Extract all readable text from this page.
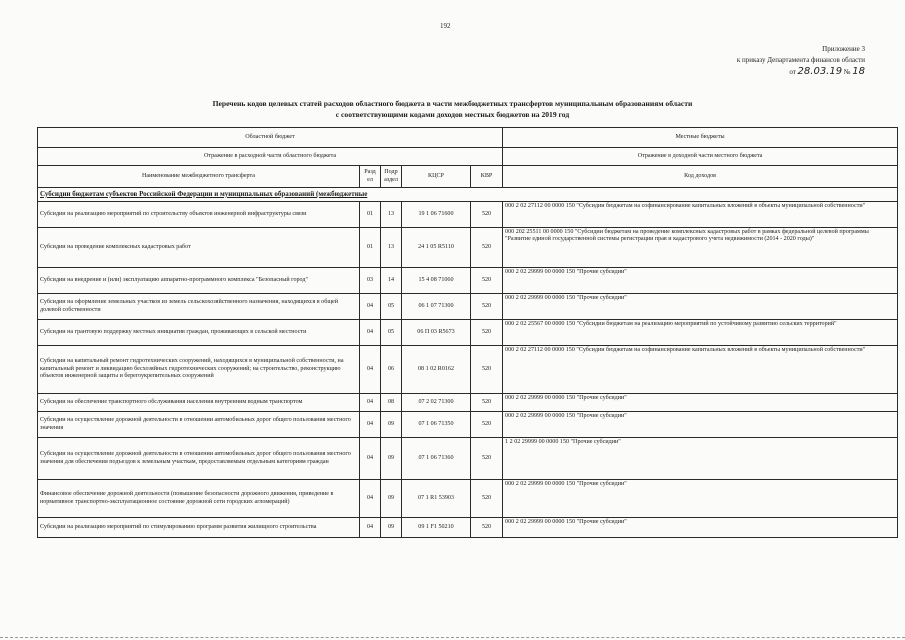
192
Приложение 3
к приказу Департамента финансов области
от 28.03.19 № 18
Перечень кодов целевых статей расходов областного бюджета в части межбюджетных трансфертов муниципальным образованиям области
с соответствующими кодами доходов местных бюджетов на 2019 год
Областной бюджет					Местные бюджеты
Отражение в расходной части областного бюджета					Отражение в доходной части местного бюджета
Наименование межбюджетного трансферта	Разд ел	Подр аздел	КЦСР	КВР	Код доходов
Субсидии бюджетам субъектов Российской Федерации и муниципальных образований (межбюджетные					
Субсидии на реализацию мероприятий по строительству объектов инженерной инфраструктуры связи	01	13	19 1 06 71600	520	000 2 02 27112 00 0000 150 "Субсидии бюджетам на софинансирование капитальных вложений в объекты муниципальной собственности"
Субсидии на проведение комплексных кадастровых работ	01	13	24 1 05 R5110	520	000 202 25511 00 0000 150 "Субсидии бюджетам на проведение комплексных кадастровых работ в рамках федеральной целевой программы "Развитие единой государственной системы регистрации прав и кадастрового учета недвижимости (2014 - 2020 годы)"
Субсидии на внедрение и (или) эксплуатацию аппаратно-программного комплекса "Безопасный город"	03	14	15 4 08 71060	520	000 2 02 29999 00 0000 150 "Прочие субсидии"
Субсидии на оформление земельных участков из земель сельскохозяйственного назначения, находящихся в общей долевой собственности	04	05	06 1 07 71300	520	000 2 02 29999 00 0000 150 "Прочие субсидии"
Субсидии на грантовую поддержку местных инициатив граждан, проживающих в сельской местности	04	05	06 П 03 R5673	520	000 2 02 25567 00 0000 150 "Субсидии бюджетам на реализацию мероприятий по устойчивому развитию сельских территорий"
Субсидии на капитальный ремонт гидротехнических сооружений, находящихся в муниципальной собственности, на капитальный ремонт и ликвидацию бесхозяйных гидротехнических сооружений; на строительство, реконструкцию объектов инженерной защиты и берегоукрепительных сооружений	04	06	08 1 02 R0162	520	000 2 02 27112 00 0000 150 "Субсидии бюджетам на софинансирование капитальных вложений в объекты муниципальной собственности"
Субсидии на обеспечение транспортного обслуживания населения внутренним водным транспортом	04	08	07 2 02 71300	520	000 2 02 29999 00 0000 150 "Прочие субсидии"
Субсидии на осуществление дорожной деятельности в отношении автомобильных дорог общего пользования местного значения	04	09	07 1 06 71350	520	000 2 02 29999 00 0000 150 "Прочие субсидии"
Субсидии на осуществление дорожной деятельности в отношении автомобильных дорог общего пользования местного значения для обеспечения подъездов к земельным участкам, предоставляемым отдельным категориям граждан	04	09	07 1 06 71360	520	1 2 02 29999 00 0000 150 "Прочие субсидии"
Финансовое обеспечение дорожной деятельности (повышение безопасности дорожного движения, приведение в нормативное транспортно-эксплуатационное состояние дорожной сети городских агломераций)	04	09	07 1 R1 53903	520	000 2 02 29999 00 0000 150 "Прочие субсидии"
Субсидии на реализацию мероприятий по стимулированию программ развития жилищного строительства	04	09	09 1 F1 50210	520	000 2 02 29999 00 0000 150 "Прочие субсидии"
